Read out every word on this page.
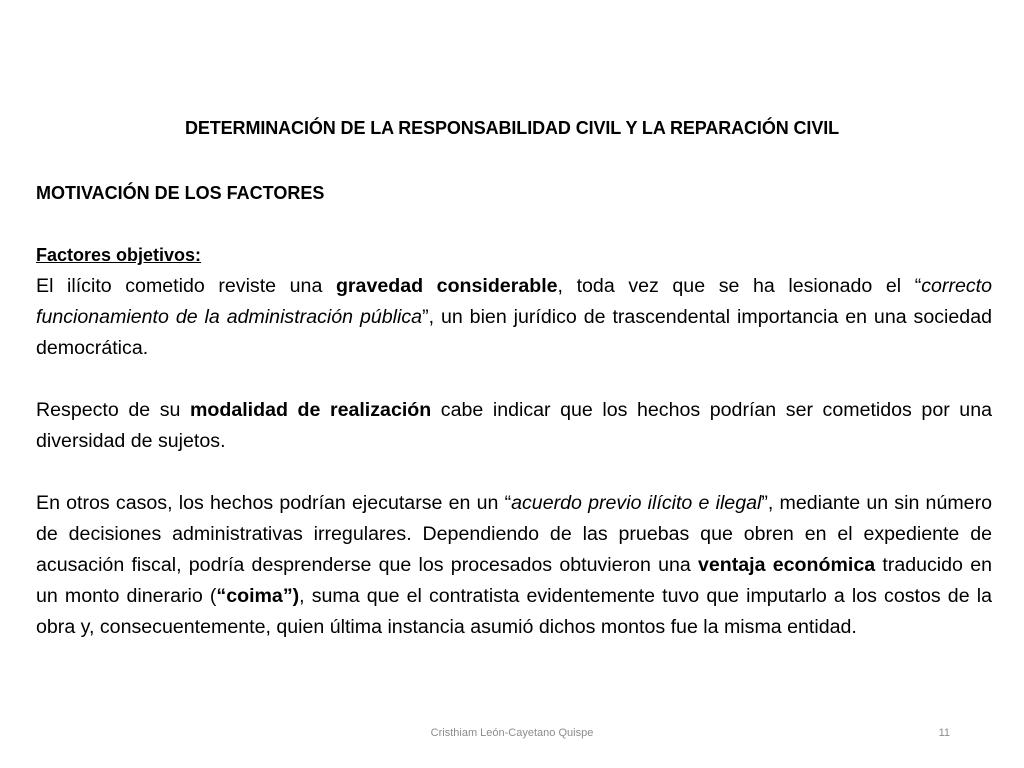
DETERMINACIÓN DE LA RESPONSABILIDAD CIVIL Y LA REPARACIÓN CIVIL

MOTIVACIÓN DE LOS FACTORES

Factores objetivos:

El ilícito cometido reviste una gravedad considerable, toda vez que se ha lesionado el “correcto funcionamiento de la administración pública”, un bien jurídico de trascendental importancia en una sociedad democrática.

Respecto de su modalidad de realización cabe indicar que los hechos podrían ser cometidos por una diversidad de sujetos.

En otros casos, los hechos podrían ejecutarse en un “acuerdo previo ilícito e ilegal”, mediante un sin número de decisiones administrativas irregulares. Dependiendo de las pruebas que obren en el expediente de acusación fiscal, podría desprenderse que los procesados obtuvieron una ventaja económica traducido en un monto dinerario (“coima”), suma que el contratista evidentemente tuvo que imputarlo a los costos de la obra y, consecuentemente, quien última instancia asumió dichos montos fue la misma entidad.

Cristhiam León-Cayetano Quispe	11
